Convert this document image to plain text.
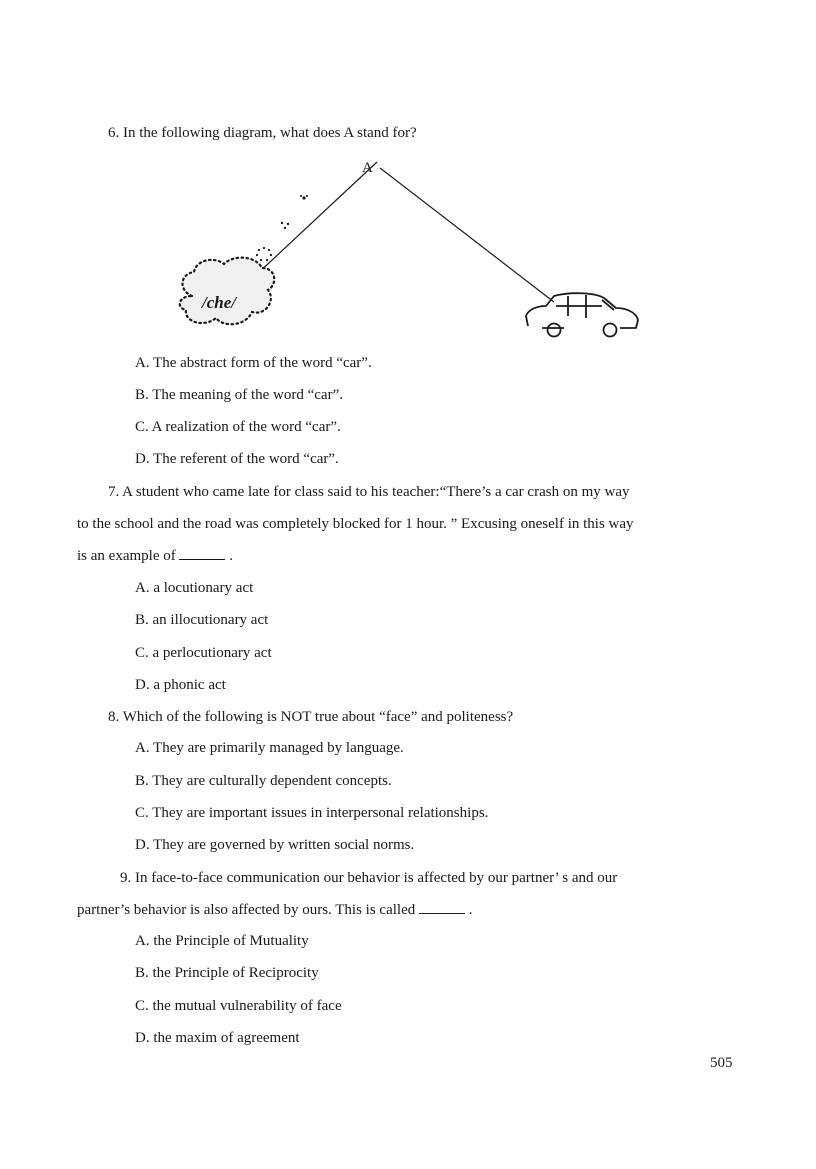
6. In the following diagram, what does A stand for?
A
/che/
A. The abstract form of the word “car”.
B. The meaning of the word “car”.
C. A realization of the word “car”.
D. The referent of the word “car”.
7. A student who came late for class said to his teacher:“There’s a car crash on my way
to the school and the road was completely blocked for 1 hour. ” Excusing oneself in this way
is an example of	.
A. a locutionary act
B. an illocutionary act
C. a perlocutionary act
D. a phonic act
8. Which of the following is NOT true about “face” and politeness?
A. They are primarily managed by language.
B. They are culturally dependent concepts.
C. They are important issues in interpersonal relationships.
D. They are governed by written social norms.
9. In face-to-face communication our behavior is affected by our partner’ s and our
partner’s behavior is also affected by ours. This is called	.
A. the Principle of Mutuality
B. the Principle of Reciprocity
C. the mutual vulnerability of face
D. the maxim of agreement
505
